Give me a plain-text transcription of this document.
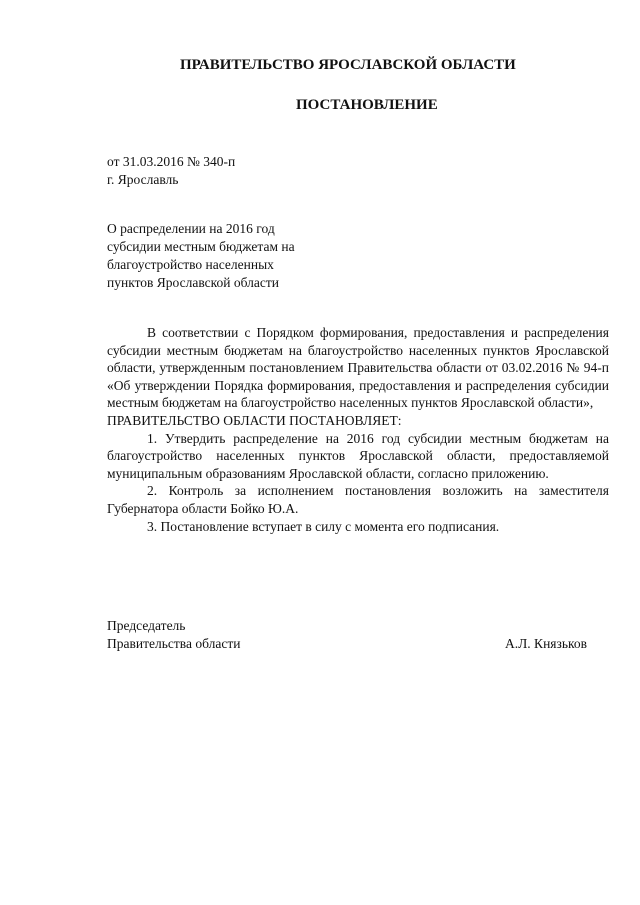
ПРАВИТЕЛЬСТВО ЯРОСЛАВСКОЙ ОБЛАСТИ
ПОСТАНОВЛЕНИЕ
от 31.03.2016 № 340-п
г. Ярославль
О распределении на 2016 год
субсидии местным бюджетам на
благоустройство населенных
пунктов Ярославской области

В соответствии с Порядком формирования, предоставления и распределения субсидии местным бюджетам на благоустройство населенных пунктов Ярославской области, утвержденным постановлением Правительства области от 03.02.2016 № 94-п «Об утверждении Порядка формирования, предоставления и распределения субсидии местным бюджетам на благоустройство населенных пунктов Ярославской области»,

ПРАВИТЕЛЬСТВО ОБЛАСТИ ПОСТАНОВЛЯЕТ:

1. Утвердить распределение на 2016 год субсидии местным бюджетам на благоустройство населенных пунктов Ярославской области, предоставляемой муниципальным образованиям Ярославской области, согласно приложению.

2. Контроль за исполнением постановления возложить на заместителя Губернатора области Бойко Ю.А.

3. Постановление вступает в силу с момента его подписания.

Председатель
Правительства области	А.Л. Князьков
